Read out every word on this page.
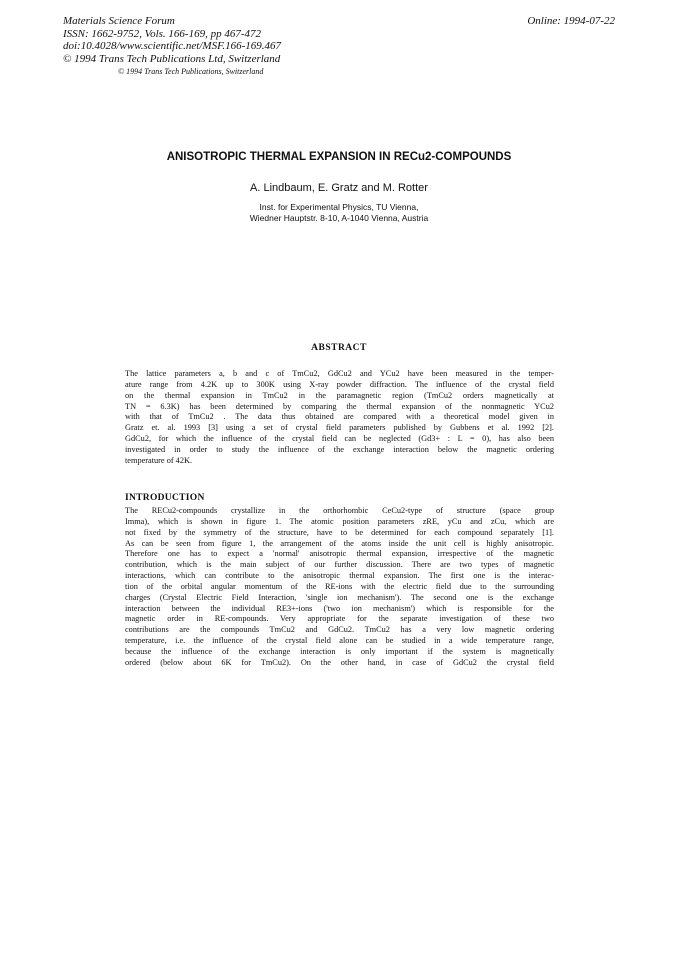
Materials Science Forum
ISSN: 1662-9752, Vols. 166-169, pp 467-472
doi:10.4028/www.scientific.net/MSF.166-169.467
© 1994 Trans Tech Publications Ltd, Switzerland
Online: 1994-07-22
© 1994 Trans Tech Publications, Switzerland
ANISOTROPIC THERMAL EXPANSION IN RECu2-COMPOUNDS
A. Lindbaum, E. Gratz and M. Rotter
Inst. for Experimental Physics, TU Vienna,
Wiedner Hauptstr. 8-10, A-1040 Vienna, Austria
ABSTRACT
The lattice parameters a, b and c of TmCu2, GdCu2 and YCu2 have been measured in the temper-
ature range from 4.2K up to 300K using X-ray powder diffraction. The influence of the crystal field
on the thermal expansion in TmCu2 in the paramagnetic region (TmCu2 orders magnetically at
TN = 6.3K) has been determined by comparing the thermal expansion of the nonmagnetic YCu2
with that of TmCu2 . The data thus obtained are compared with a theoretical model given in
Gratz et. al. 1993 [3] using a set of crystal field parameters published by Gubbens et al. 1992 [2].
GdCu2, for which the influence of the crystal field can be neglected (Gd3+ : L = 0), has also been
investigated in order to study the influence of the exchange interaction below the magnetic ordering
temperature of 42K.
INTRODUCTION
The RECu2-compounds crystallize in the orthorhombic CeCu2-type of structure (space group
Imma), which is shown in figure 1. The atomic position parameters zRE, yCu and zCu, which are
not fixed by the symmetry of the structure, have to be determined for each compound separately [1].
As can be seen from figure 1, the arrangement of the atoms inside the unit cell is highly anisotropic.
Therefore one has to expect a 'normal' anisotropic thermal expansion, irrespective of the magnetic
contribution, which is the main subject of our further discussion. There are two types of magnetic
interactions, which can contribute to the anisotropic thermal expansion. The first one is the interac-
tion of the orbital angular momentum of the RE-ions with the electric field due to the surrounding
charges (Crystal Electric Field Interaction, 'single ion mechanism'). The second one is the exchange
interaction between the individual RE3+-ions ('two ion mechanism') which is responsible for the
magnetic order in RE-compounds. Very appropriate for the separate investigation of these two
contributions are the compounds TmCu2 and GdCu2. TmCu2 has a very low magnetic ordering
temperature, i.e. the influence of the crystal field alone can be studied in a wide temperature range,
because the influence of the exchange interaction is only important if the system is magnetically
ordered (below about 6K for TmCu2). On the other hand, in case of GdCu2 the crystal field
